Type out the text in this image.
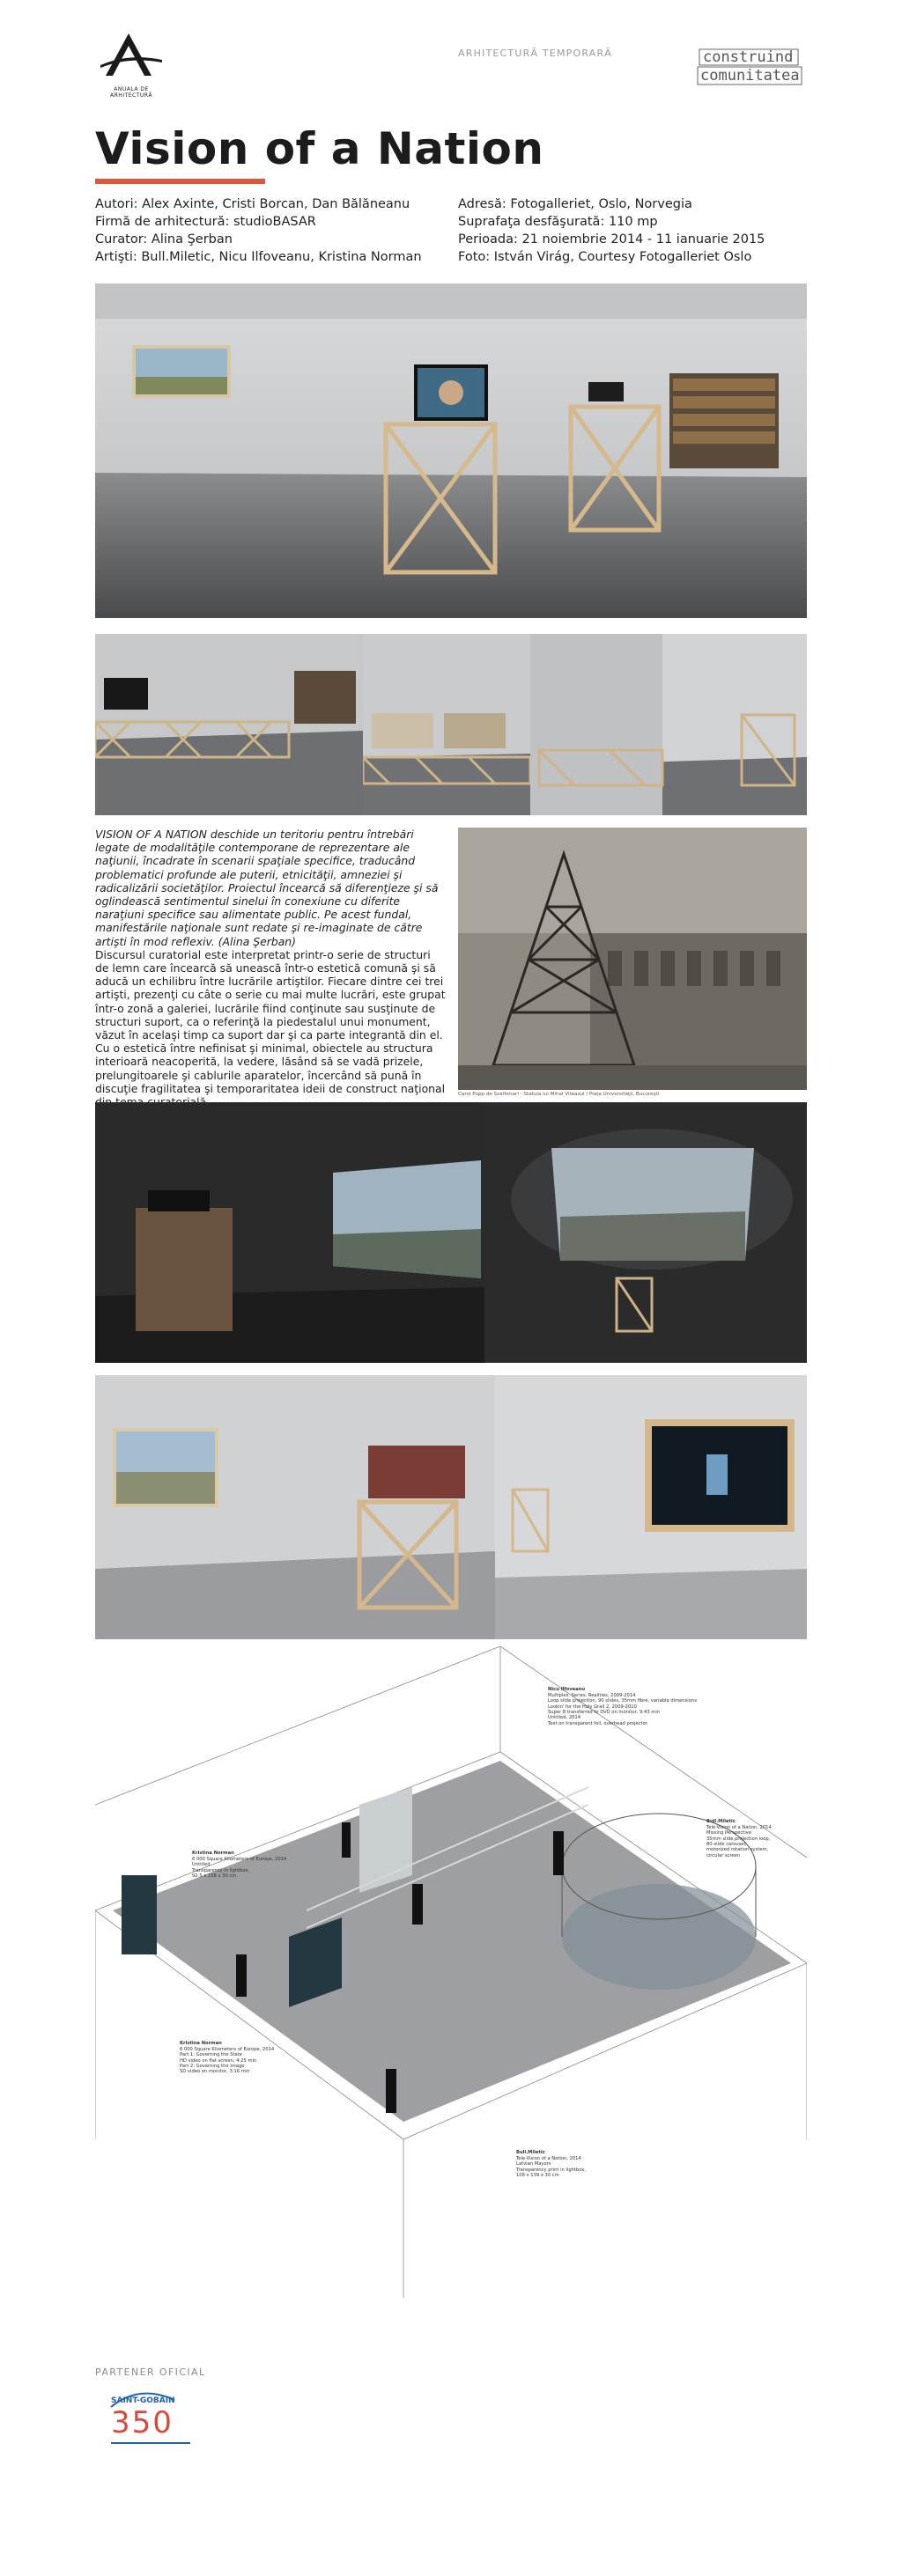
ANUALA DE ARHITECTURĂ
ARHITECTURĂ TEMPORARĂ	construind
comunitatea
Vision of a Nation
Autori: Alex Axinte, Cristi Borcan, Dan Bălăneanu
Firmă de arhitectură: studioBASAR
Curator: Alina Şerban
Artişti: Bull.Miletic, Nicu Ilfoveanu, Kristina Norman
Adresă: Fotogalleriet, Oslo, Norvegia
Suprafaţa desfăşurată: 110 mp
Perioada: 21 noiembrie 2014 - 11 ianuarie 2015
Foto: István Virág, Courtesy Fotogalleriet Oslo
VISION OF A NATION deschide un teritoriu pentru întrebări legate de modalităţile contemporane de reprezentare ale naţiunii, încadrate în scenarii spaţiale specifice, traducând problematici profunde ale puterii, etnicităţii, amneziei şi radicalizării societăţilor. Proiectul încearcă să diferenţieze şi să oglindească sentimentul sinelui în conexiune cu diferite naraţiuni specifice sau alimentate public. Pe acest fundal, manifestările naţionale sunt redate şi re-imaginate de către artişti în mod reflexiv. (Alina Şerban)
Discursul curatorial este interpretat printr-o serie de structuri de lemn care încearcă să unească într-o estetică comună şi să aducă un echilibru între lucrările artiştilor. Fiecare dintre cei trei artişti, prezenţi cu câte o serie cu mai multe lucrări, este grupat într-o zonă a galeriei, lucrările fiind conţinute sau susţinute de structuri suport, ca o referinţă la piedestalul unui monument, văzut în acelaşi timp ca suport dar şi ca parte integrantă din el. Cu o estetică între nefinisat şi minimal, obiectele au structura interioară neacoperită, la vedere, lăsând să se vadă prizele, prelungitoarele şi cablurile aparatelor, încercând să pună în discuţie fragilitatea şi temporaritatea ideii de construct naţional	Carol Popp de Szathmari - Statuia lui Mihai Viteazul / Piaţa Universităţii, Bucureşti

Nicu Ilfoveanu

Multiples. Series. Realities, 2009-2014
Loop slide projection, 90 slides, 35mm fibre, variable dimensions
Lookin' for the Holy Grail 2, 2009-2010
Super 8 transferred to DVD on monitor, 9:43 min
Untitled, 2014
Text on transparent foil, overhead projector

Bull.Miletic

Tele-Vision of a Nation, 2014
Missing Perspective
35mm slide projection loop,
80-slide carousel,
motorized rotation system,
circular screen

Kristina Norman

6 000 Square Kilometers of Europe, 2014
Untitled
Transparency in lightbox,
92.5 x 158 x 30 cm

Kristina Norman

6 000 Square Kilometers of Europe, 2014
Part 1: Governing the State
HD video on flat screen, 4:25 min
Part 2: Governing the Image
SD video on monitor, 3:16 min

Bull.Miletic

Tele-Vision of a Nation, 2014
Latvian Mayors
Transparency print in lightbox,
108 x 139 x 30 cm

PARTENER OFICIAL
SAINT-GOBAIN
350
